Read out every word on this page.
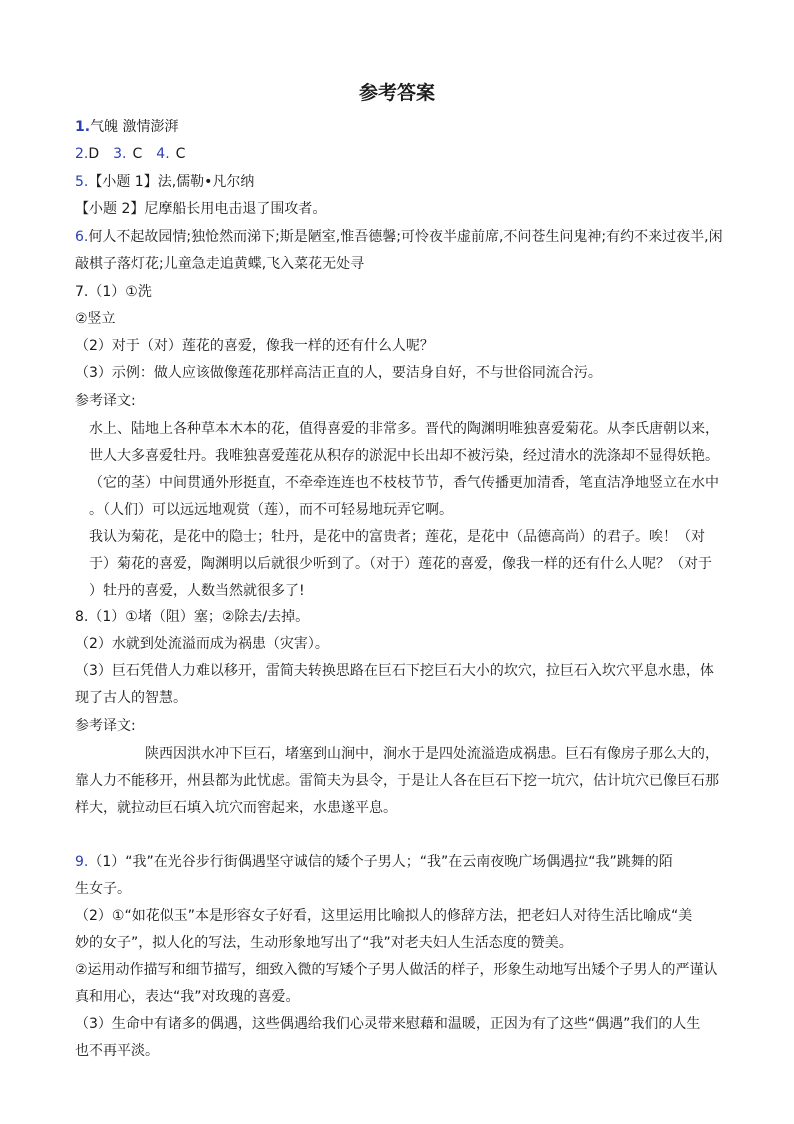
参考答案
1.气魄 激情澎湃
2.D 3. C 4. C
5.【小题 1】法,儒勒•凡尔纳
【小题 2】尼摩船长用电击退了围攻者。
6.何人不起故园情;独怆然而涕下;斯是陋室,惟吾德馨;可怜夜半虚前席,不问苍生问鬼神;有约不来过夜半,闲
敲棋子落灯花;儿童急走追黄蝶,飞入菜花无处寻
7.（1）①洗
②竖立
（2）对于（对）莲花的喜爱，像我一样的还有什么人呢？
（3）示例：做人应该做像莲花那样高洁正直的人，要洁身自好，不与世俗同流合污。
参考译文:
水上、陆地上各种草本木本的花，值得喜爱的非常多。晋代的陶渊明唯独喜爱菊花。从李氏唐朝以来，
世人大多喜爱牡丹。我唯独喜爱莲花从积存的淤泥中长出却不被污染，经过清水的洗涤却不显得妖艳。
（它的茎）中间贯通外形挺直，不牵牵连连也不枝枝节节，香气传播更加清香，笔直洁净地竖立在水中
。（人们）可以远远地观赏（莲），而不可轻易地玩弄它啊。
我认为菊花，是花中的隐士；牡丹，是花中的富贵者；莲花，是花中（品德高尚）的君子。唉！（对
于）菊花的喜爱，陶渊明以后就很少听到了。（对于）莲花的喜爱，像我一样的还有什么人呢？（对于
）牡丹的喜爱，人数当然就很多了!
8.（1）①堵（阻）塞；②除去/去掉。
（2）水就到处流溢而成为祸患（灾害）。
（3）巨石凭借人力难以移开，雷简夫转换思路在巨石下挖巨石大小的坎穴，拉巨石入坎穴平息水患，体
现了古人的智慧。
参考译文:
陕西因洪水冲下巨石，堵塞到山涧中，涧水于是四处流溢造成祸患。巨石有像房子那么大的，
靠人力不能移开，州县都为此忧虑。雷简夫为县令，于是让人各在巨石下挖一坑穴，估计坑穴已像巨石那
样大，就拉动巨石填入坑穴而窖起来，水患遂平息。
9.（1）“我”在光谷步行街偶遇坚守诚信的矮个子男人；“我”在云南夜晚广场偶遇拉“我”跳舞的陌
生女子。
（2）①“如花似玉”本是形容女子好看，这里运用比喻拟人的修辞方法，把老妇人对待生活比喻成“美
妙的女子”，拟人化的写法，生动形象地写出了“我”对老夫妇人生活态度的赞美。
②运用动作描写和细节描写，细致入微的写矮个子男人做活的样子，形象生动地写出矮个子男人的严谨认
真和用心，表达“我”对玫瑰的喜爱。
（3）生命中有诸多的偶遇，这些偶遇给我们心灵带来慰藉和温暖，正因为有了这些“偶遇”我们的人生
也不再平淡。
